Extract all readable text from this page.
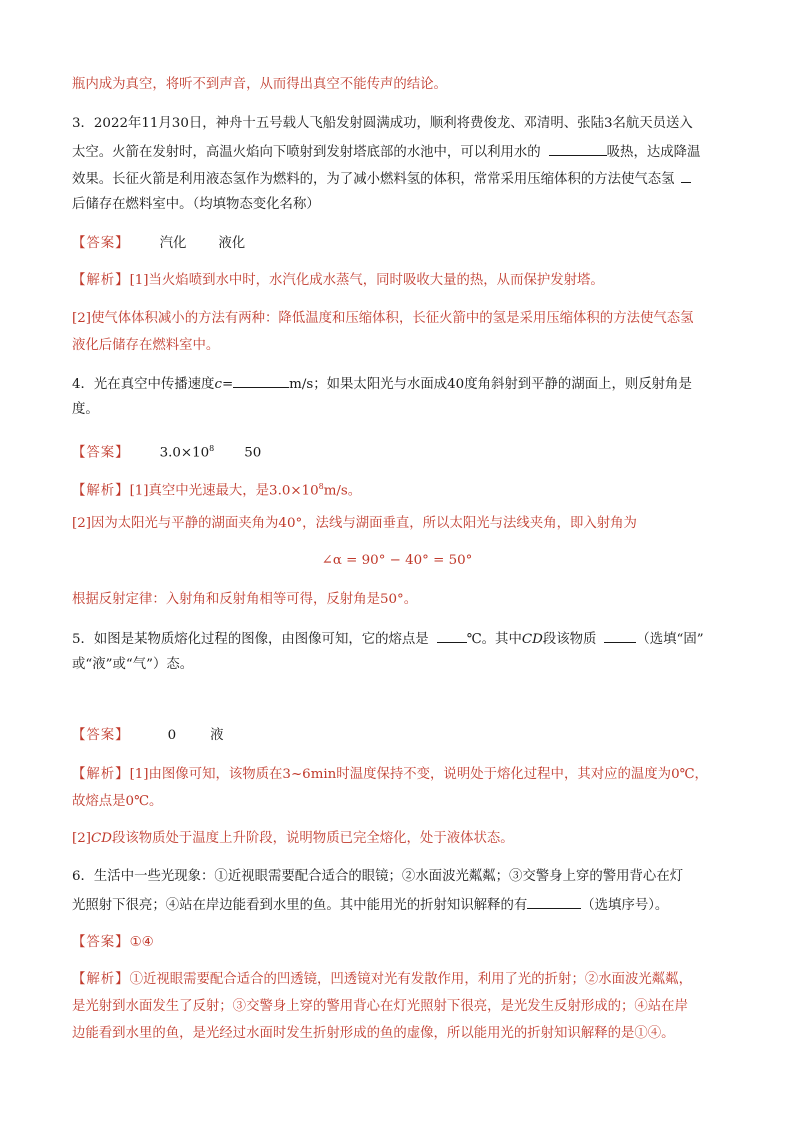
瓶内成为真空，将听不到声音，从而得出真空不能传声的结论。
3．2022年11月30日，神舟十五号载人飞船发射圆满成功，顺利将费俊龙、邓清明、张陆3名航天员送入
太空。火箭在发射时，高温火焰向下喷射到发射塔底部的水池中，可以利用水的	吸热，达成降温
效果。长征火箭是利用液态氢作为燃料的，为了减小燃料氢的体积，常常采用压缩体积的方法使气态氢
后储存在燃料室中。（均填物态变化名称）
【答案】 汽化 液化
【解析】[1]当火焰喷到水中时，水汽化成水蒸气，同时吸收大量的热，从而保护发射塔。
[2]使气体体积减小的方法有两种：降低温度和压缩体积，长征火箭中的氢是采用压缩体积的方法使气态氢
液化后储存在燃料室中。
4．光在真空中传播速度c=	m/s；如果太阳光与水面成40度角斜射到平静的湖面上，则反射角是
度。
【答案】 $3.0\times 10^8$ 50
【解析】[1]真空中光速最大，是$3.0\times 10^8m/s$。
[2]因为太阳光与平静的湖面夹角为40°，法线与湖面垂直，所以太阳光与法线夹角，即入射角为
∠α = 90° − 40° = 50°
根据反射定律：入射角和反射角相等可得，反射角是50°。
5．如图是某物质熔化过程的图像，由图像可知，它的熔点是	℃。其中CD段该物质	（选填“固”
或“液”或“气”）态。
【答案】	0	液
【解析】[1]由图像可知，该物质在3~6min时温度保持不变，说明处于熔化过程中，其对应的温度为0℃，
故熔点是0℃。
[2]CD段该物质处于温度上升阶段，说明物质已完全熔化，处于液体状态。
6．生活中一些光现象：①近视眼需要配合适合的眼镜；②水面波光粼粼；③交警身上穿的警用背心在灯
光照射下很亮；④站在岸边能看到水里的鱼。其中能用光的折射知识解释的有	（选填序号）。
【答案】①④
【解析】①近视眼需要配合适合的凹透镜，凹透镜对光有发散作用，利用了光的折射；②水面波光粼粼，
是光射到水面发生了反射；③交警身上穿的警用背心在灯光照射下很亮，是光发生反射形成的；④站在岸
边能看到水里的鱼，是光经过水面时发生折射形成的鱼的虚像，所以能用光的折射知识解释的是①④。
